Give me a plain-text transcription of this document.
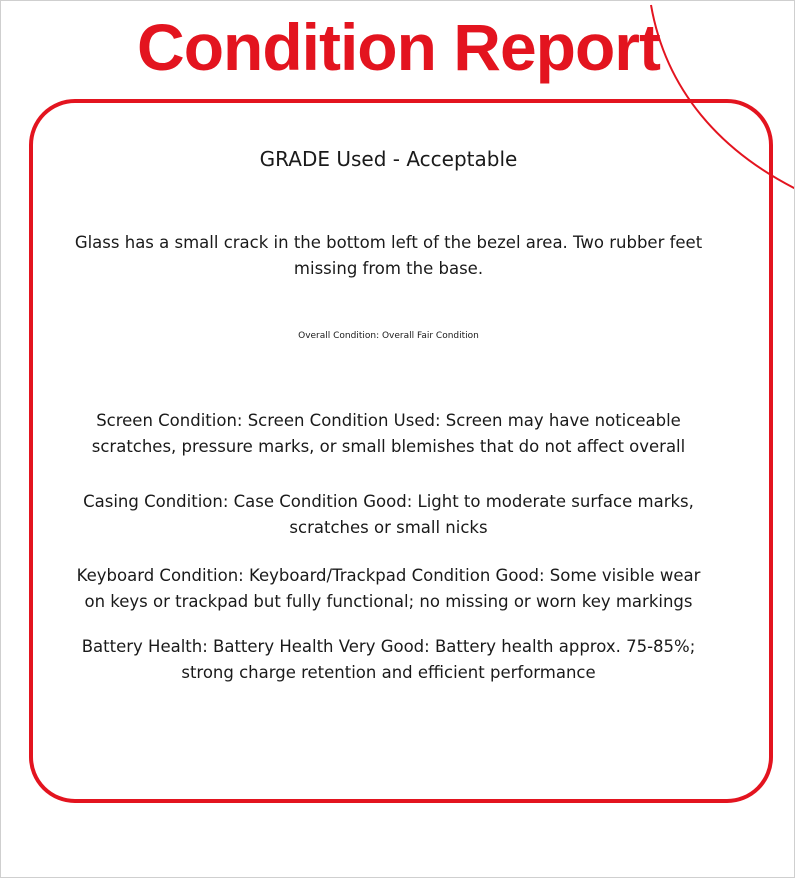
Condition Report
GRADE Used - Acceptable
Glass has a small crack in the bottom left of the bezel area. Two rubber feet missing from the base.
Overall Condition: Overall Fair Condition
Screen Condition: Screen Condition Used: Screen may have noticeable scratches, pressure marks, or small blemishes that do not affect overall
Casing Condition: Case Condition Good: Light to moderate surface marks, scratches or small nicks
Keyboard Condition: Keyboard/Trackpad Condition Good: Some visible wear on keys or trackpad but fully functional; no missing or worn key markings
Battery Health: Battery Health Very Good: Battery health approx. 75-85%; strong charge retention and efficient performance
